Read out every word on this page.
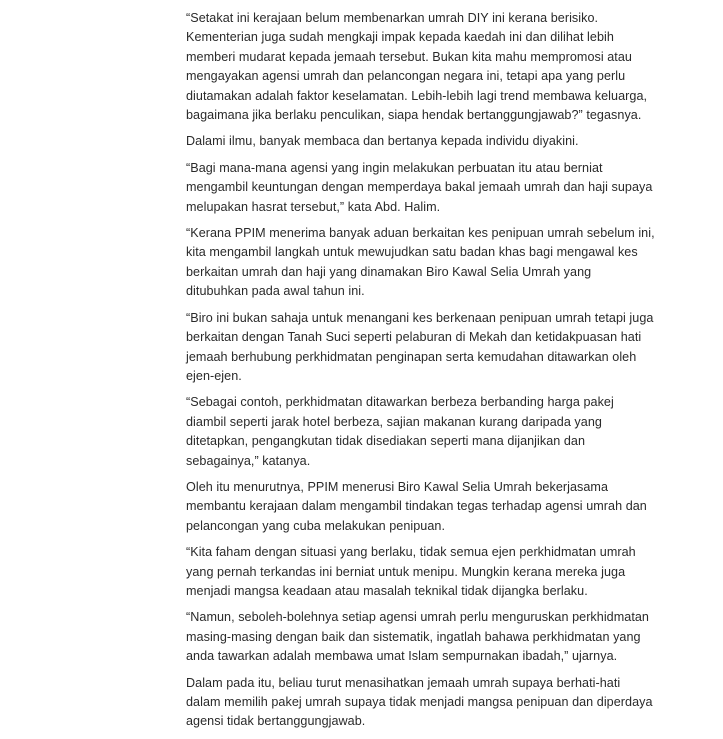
“Setakat ini kerajaan belum membenarkan umrah DIY ini kerana berisiko. Kementerian juga sudah mengkaji impak kepada kaedah ini dan dilihat lebih memberi mudarat kepada jemaah tersebut. Bukan kita mahu mempromosi atau mengayakan agensi umrah dan pelancongan negara ini, tetapi apa yang perlu diutamakan adalah faktor keselamatan. Lebih-lebih lagi trend membawa keluarga, bagaimana jika berlaku penculikan, siapa hendak bertanggungjawab?” tegasnya.

Dalami ilmu, banyak membaca dan bertanya kepada individu diyakini.

“Bagi mana-mana agensi yang ingin melakukan perbuatan itu atau berniat mengambil keuntungan dengan memperdaya bakal jemaah umrah dan haji supaya melupakan hasrat tersebut,” kata Abd. Halim.

“Kerana PPIM menerima banyak aduan berkaitan kes penipuan umrah sebelum ini, kita mengambil langkah untuk mewujudkan satu badan khas bagi mengawal kes berkaitan umrah dan haji yang dinamakan Biro Kawal Selia Umrah yang ditubuhkan pada awal tahun ini.

“Biro ini bukan sahaja untuk menangani kes berkenaan penipuan umrah tetapi juga berkaitan dengan Tanah Suci seperti pelaburan di Mekah dan ketidakpuasan hati jemaah berhubung perkhidmatan penginapan serta kemudahan ditawarkan oleh ejen-ejen.

“Sebagai contoh, perkhidmatan ditawarkan berbeza berbanding harga pakej diambil seperti jarak hotel berbeza, sajian makanan kurang daripada yang ditetapkan, pengangkutan tidak disediakan seperti mana dijanjikan dan sebagainya,” katanya.

Oleh itu menurutnya, PPIM menerusi Biro Kawal Selia Umrah bekerjasama membantu kerajaan dalam mengambil tindakan tegas terhadap agensi umrah dan pelancongan yang cuba melakukan penipuan.

“Kita faham dengan situasi yang berlaku, tidak semua ejen perkhidmatan umrah yang pernah terkandas ini berniat untuk menipu. Mungkin kerana mereka juga menjadi mangsa keadaan atau masalah teknikal tidak dijangka berlaku.

“Namun, seboleh-bolehnya setiap agensi umrah perlu menguruskan perkhidmatan masing-masing dengan baik dan sistematik, ingatlah bahawa perkhidmatan yang anda tawarkan adalah membawa umat Islam sempurnakan ibadah,” ujarnya.

Dalam pada itu, beliau turut menasihatkan jemaah umrah supaya berhati-hati dalam memilih pakej umrah supaya tidak menjadi mangsa penipuan dan diperdaya agensi tidak bertanggungjawab.
